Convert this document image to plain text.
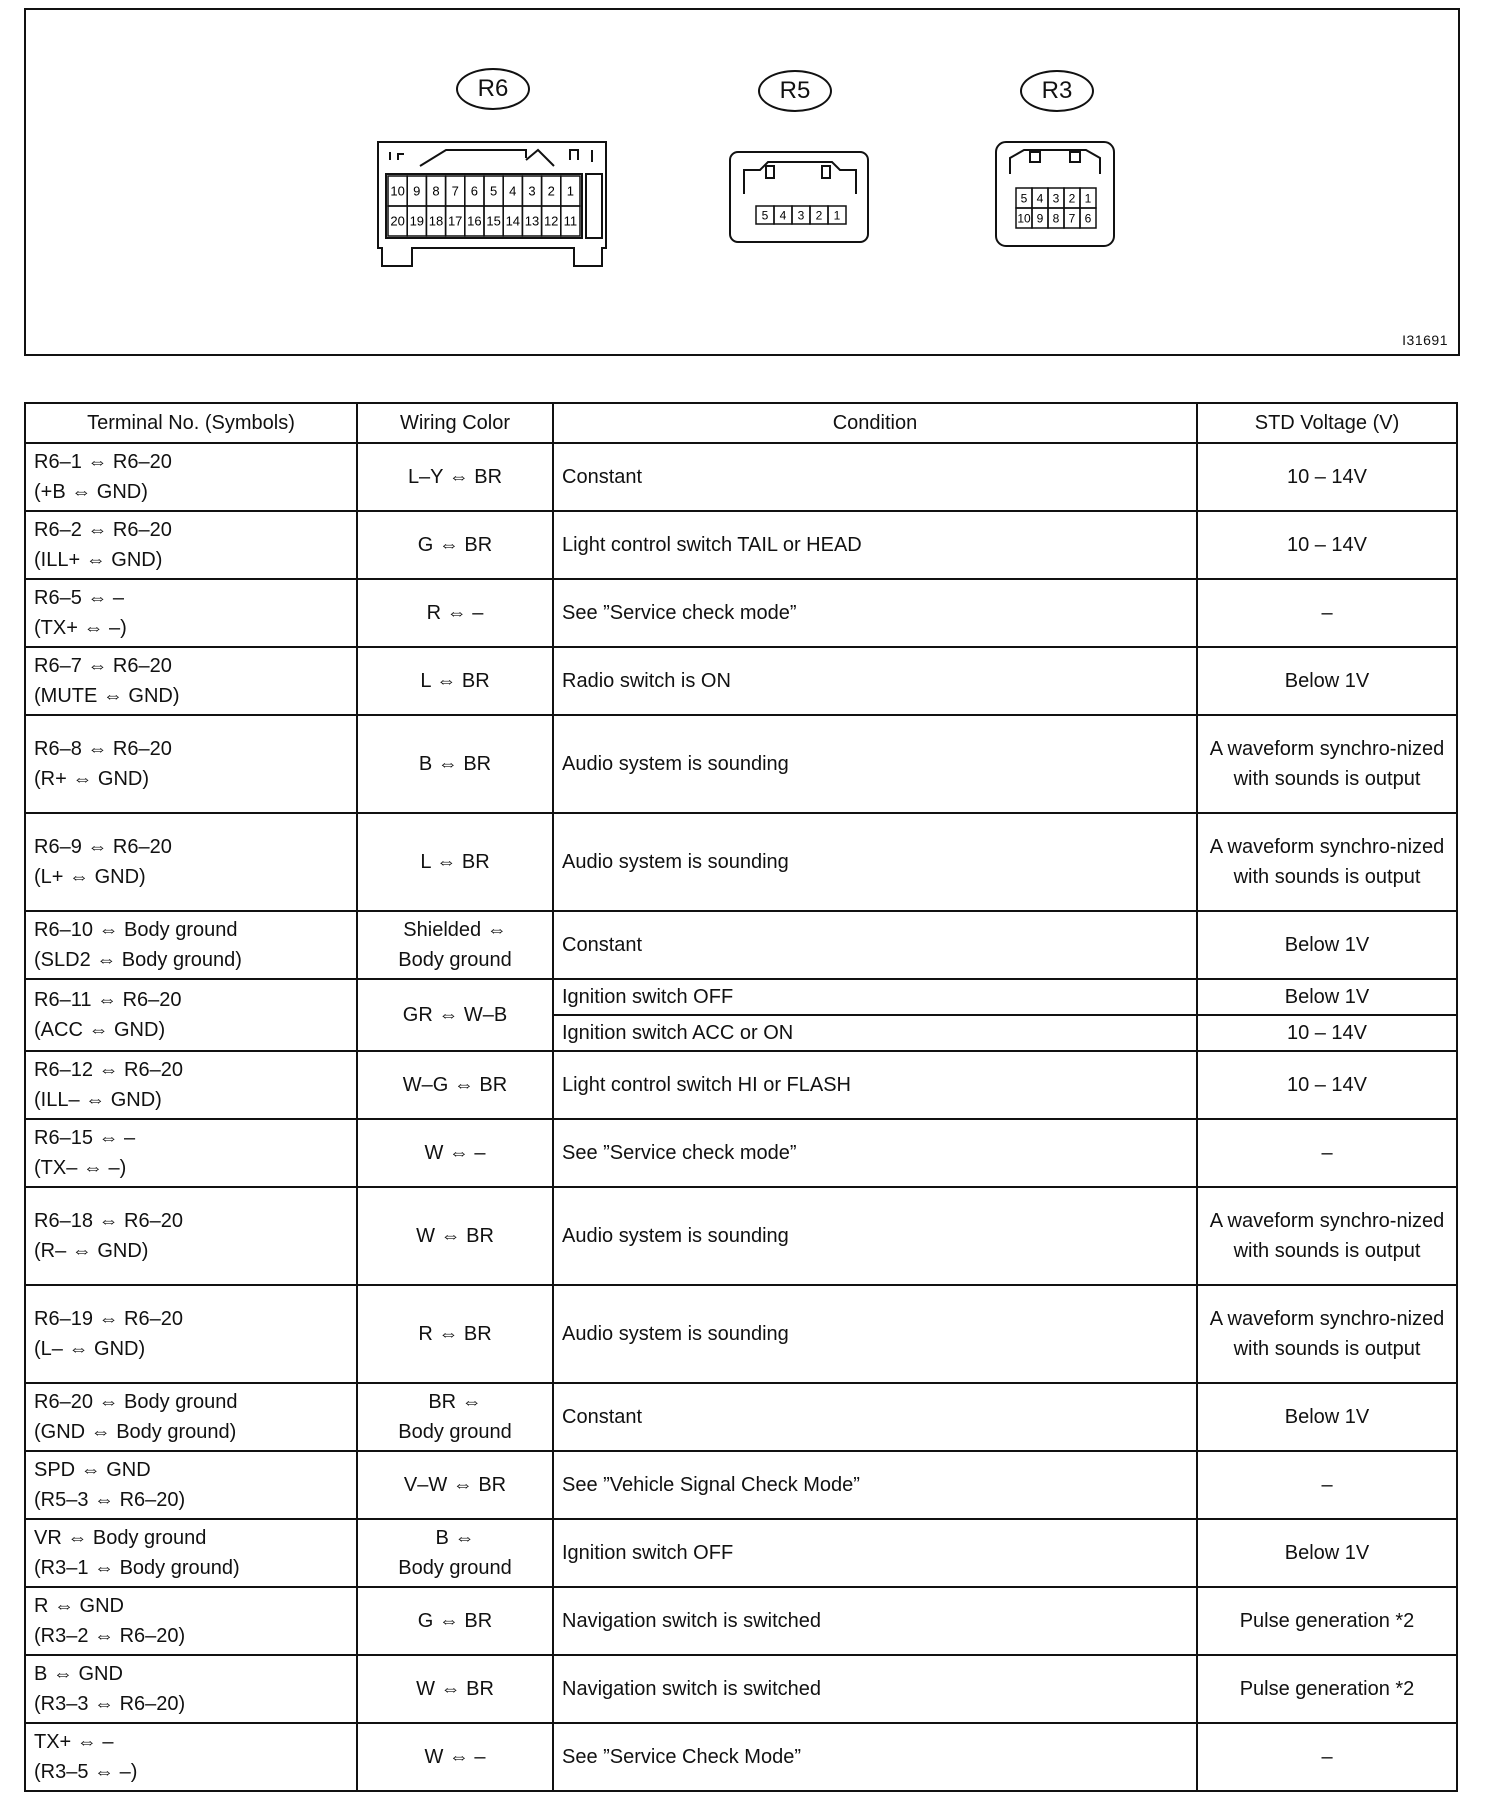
10 9 8 7 6 5 4 3 2 1
20 19 18 17 16 15 14 13 12 11	5 4 3 2 1
5 4 3 2 1
10 9 8 7 6
R6	R5	R3
I31691
Terminal No. (Symbols)	Wiring Color	Condition	STD Voltage (V)

R6–1 ⇔ R6–20
(+B ⇔ GND)	L–Y ⇔ BR	Constant	10 – 14V

R6–2 ⇔ R6–20
(ILL+ ⇔ GND)	G ⇔ BR	Light control switch TAIL or HEAD	10 – 14V

R6–5 ⇔ –
(TX+ ⇔ –)	R ⇔ –	See ”Service check mode”	–

R6–7 ⇔ R6–20
(MUTE ⇔ GND)	L ⇔ BR	Radio switch is ON	Below 1V

R6–8 ⇔ R6–20
(R+ ⇔ GND)	B ⇔ BR	Audio system is sounding	A waveform synchro-nized with sounds is output

R6–9 ⇔ R6–20
(L+ ⇔ GND)	L ⇔ BR	Audio system is sounding	A waveform synchro-nized with sounds is output

R6–10 ⇔ Body ground
(SLD2 ⇔ Body ground)	Shielded ⇔
Body ground	Constant	Below 1V

R6–11 ⇔ R6–20
(ACC ⇔ GND)	GR ⇔ W–B	Ignition switch OFF	Below 1V
		Ignition switch ACC or ON	10 – 14V

R6–12 ⇔ R6–20
(ILL– ⇔ GND)	W–G ⇔ BR	Light control switch HI or FLASH	10 – 14V

R6–15 ⇔ –
(TX– ⇔ –)	W ⇔ –	See ”Service check mode”	–

R6–18 ⇔ R6–20
(R– ⇔ GND)	W ⇔ BR	Audio system is sounding	A waveform synchro-nized with sounds is output

R6–19 ⇔ R6–20
(L– ⇔ GND)	R ⇔ BR	Audio system is sounding	A waveform synchro-nized with sounds is output

R6–20 ⇔ Body ground
(GND ⇔ Body ground)	BR ⇔
Body ground	Constant	Below 1V

SPD ⇔ GND
(R5–3 ⇔ R6–20)	V–W ⇔ BR	See ”Vehicle Signal Check Mode”	–

VR ⇔ Body ground
(R3–1 ⇔ Body ground)	B ⇔
Body ground	Ignition switch OFF	Below 1V

R ⇔ GND
(R3–2 ⇔ R6–20)	G ⇔ BR	Navigation switch is switched	Pulse generation *2

B ⇔ GND
(R3–3 ⇔ R6–20)	W ⇔ BR	Navigation switch is switched	Pulse generation *2

TX+ ⇔ –
(R3–5 ⇔ –)	W ⇔ –	See ”Service Check Mode”	–
